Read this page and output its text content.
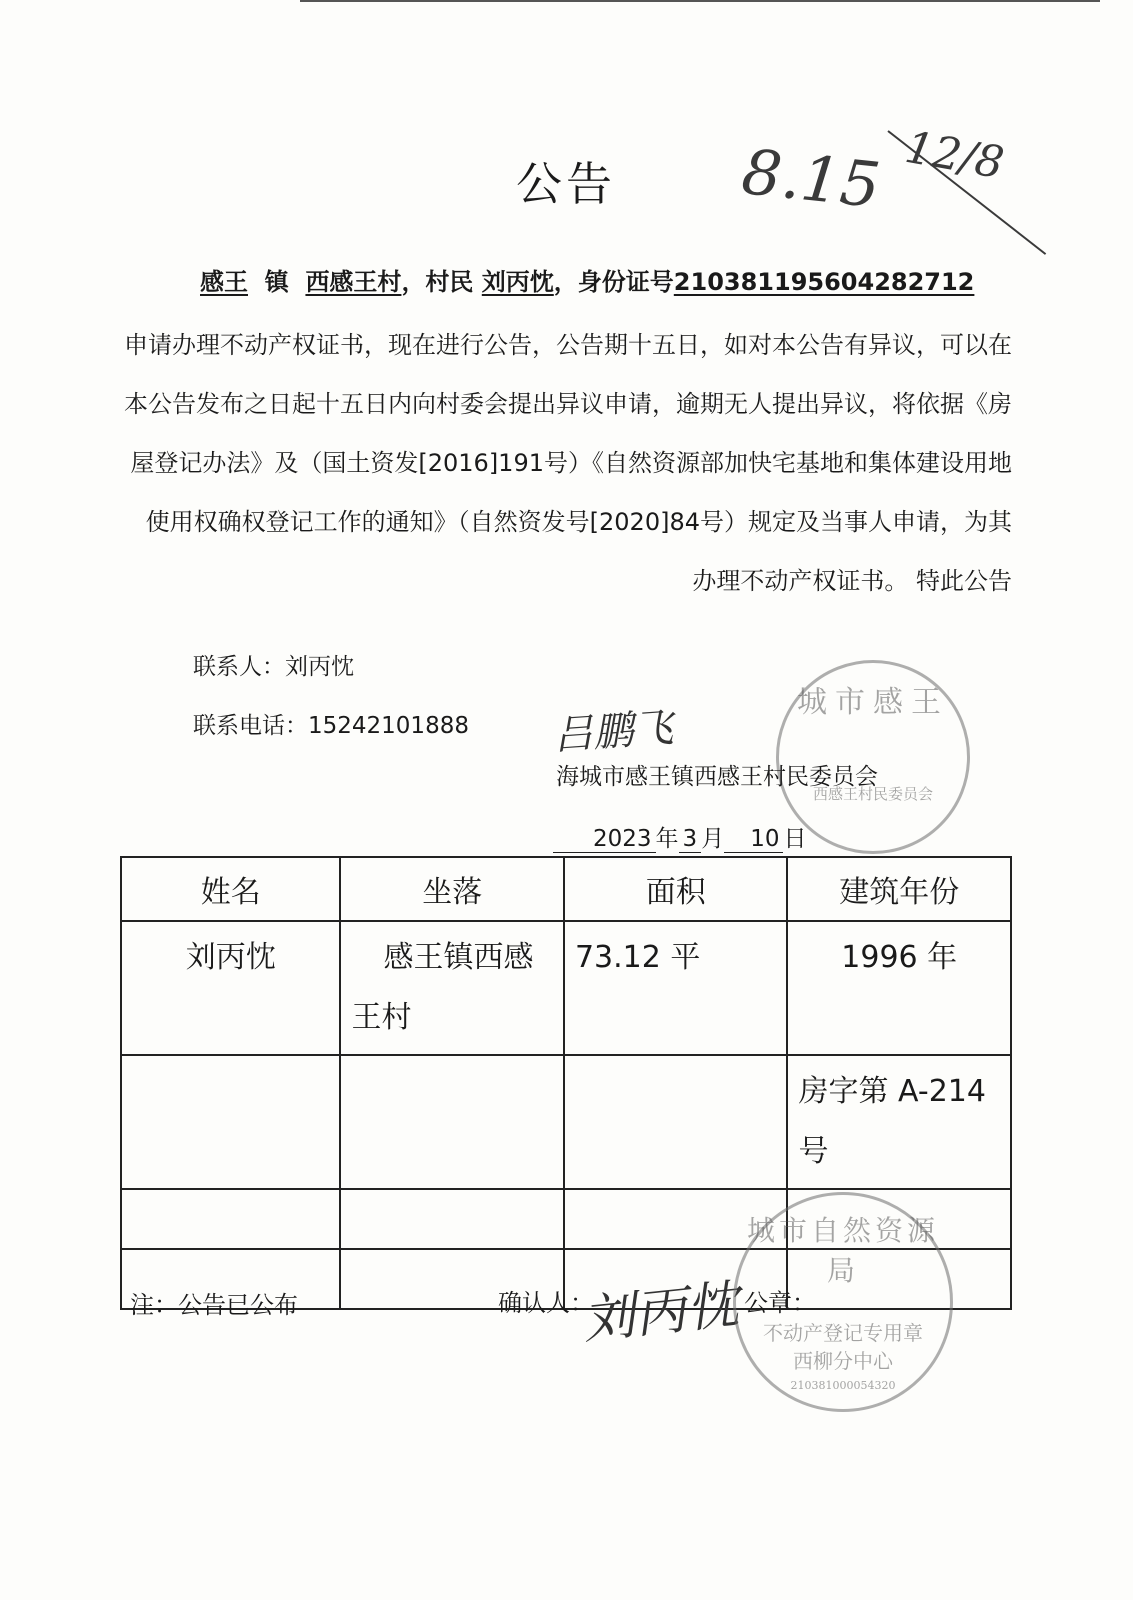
公告 8.15 12/8
感王 镇 西感王村，村民 刘丙忱，身份证号210381195604282712
申请办理不动产权证书，现在进行公告，公告期十五日，如对本公告有异议，可以在本公告发布之日起十五日内向村委会提出异议申请，逾期无人提出异议，将依据《房屋登记办法》及（国土资发[2016]191号）《自然资源部加快宅基地和集体建设用地使用权确权登记工作的通知》（自然资发号[2020]84号）规定及当事人申请，为其办理不动产权证书。 特此公告
联系人：刘丙忱
联系电话：15242101888 吕鹏飞
城市感王
西感王村民委员会
海城市感王镇西感王村民委员会
2023 年 3 月 10 日
姓名	坐落	面积	建筑年份
刘丙忱	感王镇西感王村	73.12 平	1996 年
			房字第 A-214 号

注：公告已公布	确认人：
刘丙忱
城市自然资源局
不动产登记专用章
西柳分中心
210381000054320
公章：
